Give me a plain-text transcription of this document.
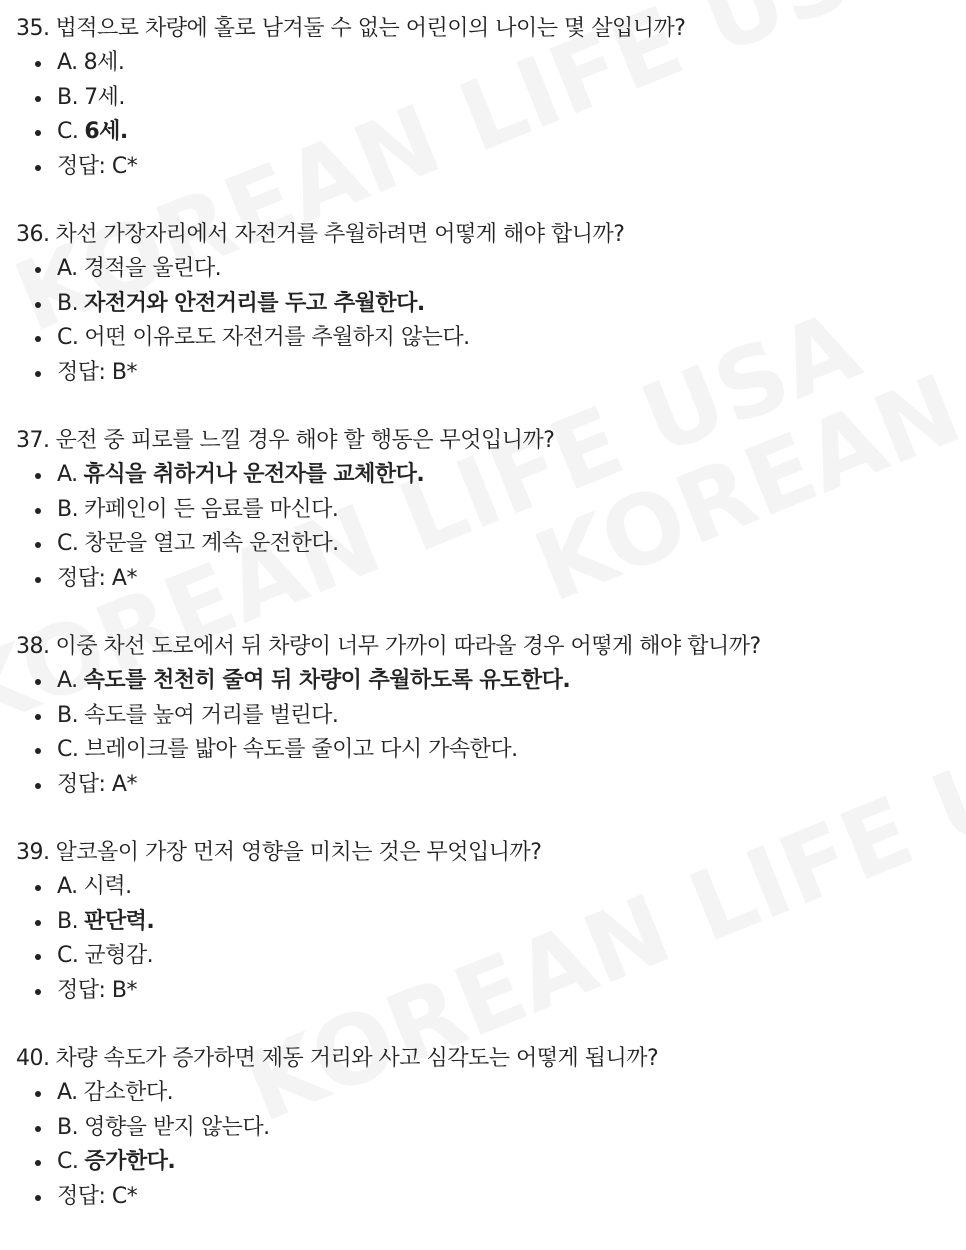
35. 법적으로 차량에 홀로 남겨둘 수 없는 어린이의 나이는 몇 살입니까?
A. 8세.
B. 7세.
C. 6세.
정답: C*
36. 차선 가장자리에서 자전거를 추월하려면 어떻게 해야 합니까?
A. 경적을 울린다.
B. 자전거와 안전거리를 두고 추월한다.
C. 어떤 이유로도 자전거를 추월하지 않는다.
정답: B*
37. 운전 중 피로를 느낄 경우 해야 할 행동은 무엇입니까?
A. 휴식을 취하거나 운전자를 교체한다.
B. 카페인이 든 음료를 마신다.
C. 창문을 열고 계속 운전한다.
정답: A*
38. 이중 차선 도로에서 뒤 차량이 너무 가까이 따라올 경우 어떻게 해야 합니까?
A. 속도를 천천히 줄여 뒤 차량이 추월하도록 유도한다.
B. 속도를 높여 거리를 벌린다.
C. 브레이크를 밟아 속도를 줄이고 다시 가속한다.
정답: A*
39. 알코올이 가장 먼저 영향을 미치는 것은 무엇입니까?
A. 시력.
B. 판단력.
C. 균형감.
정답: B*
40. 차량 속도가 증가하면 제동 거리와 사고 심각도는 어떻게 됩니까?
A. 감소한다.
B. 영향을 받지 않는다.
C. 증가한다.
정답: C*
